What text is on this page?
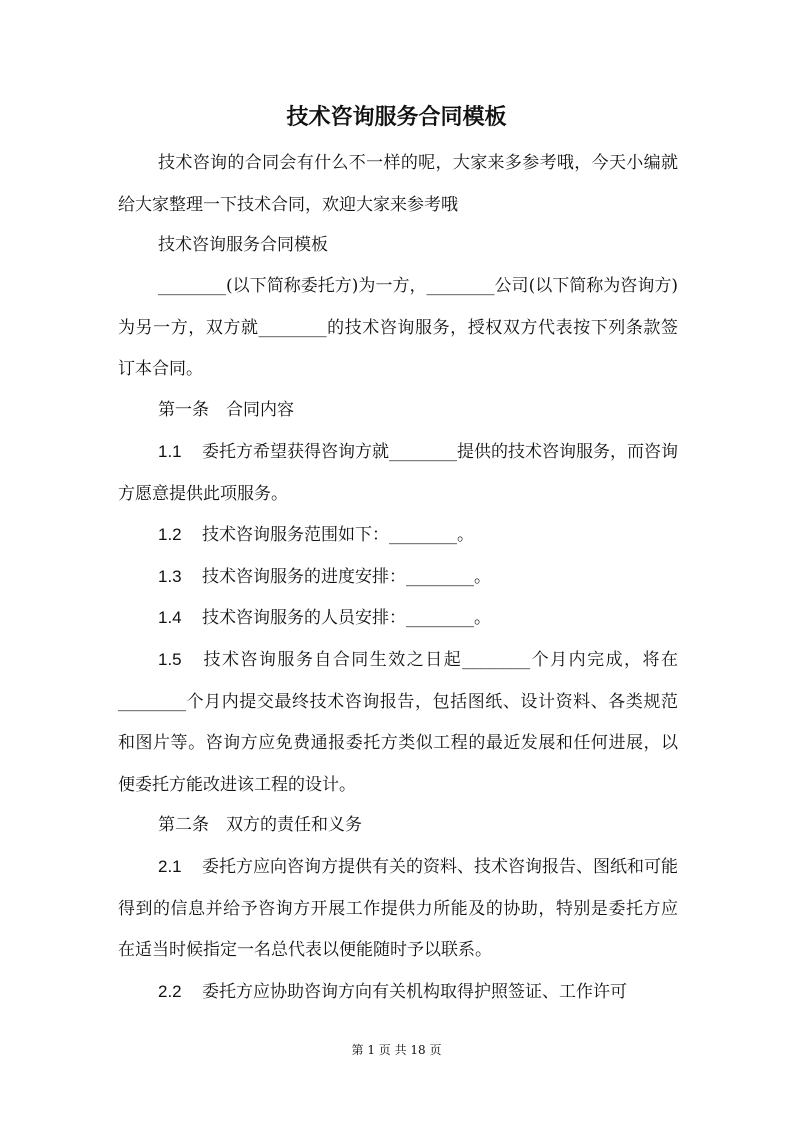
技术咨询服务合同模板

技术咨询的合同会有什么不一样的呢，大家来多参考哦，今天小编就给大家整理一下技术合同，欢迎大家来参考哦

技术咨询服务合同模板

________(以下简称委托方)为一方，________公司(以下简称为咨询方)为另一方，双方就________的技术咨询服务，授权双方代表按下列条款签订本合同。

第一条　合同内容

1.1 委托方希望获得咨询方就________提供的技术咨询服务，而咨询方愿意提供此项服务。

1.2 技术咨询服务范围如下：________。

1.3 技术咨询服务的进度安排：________。

1.4 技术咨询服务的人员安排：________。

1.5 技术咨询服务自合同生效之日起________个月内完成，将在________个月内提交最终技术咨询报告，包括图纸、设计资料、各类规范和图片等。咨询方应免费通报委托方类似工程的最近发展和任何进展，以便委托方能改进该工程的设计。

第二条　双方的责任和义务

2.1 委托方应向咨询方提供有关的资料、技术咨询报告、图纸和可能得到的信息并给予咨询方开展工作提供力所能及的协助，特别是委托方应在适当时候指定一名总代表以便能随时予以联系。

2.2 委托方应协助咨询方向有关机构取得护照签证、工作许可

第 1 页 共 18 页
